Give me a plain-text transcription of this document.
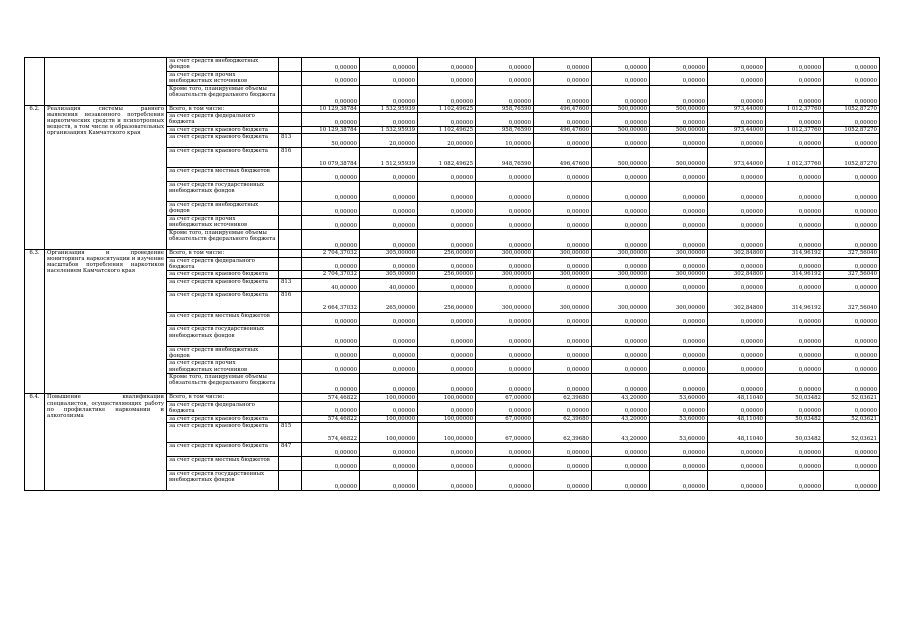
		за счет средств внебюджетных фондов		0,00000	0,00000	0,00000	0,00000	0,00000	0,00000	0,00000	0,00000	0,00000	0,00000
		за счет средств прочих внебюджетных источников		0,00000	0,00000	0,00000	0,00000	0,00000	0,00000	0,00000	0,00000	0,00000	0,00000
		Кроме того, планируемые объемы обязательств федерального бюджета		0,00000	0,00000	0,00000	0,00000	0,00000	0,00000	0,00000	0,00000	0,00000	0,00000
6.2.	Реализация системы раннего выявления незаконного потребления наркотических средств и психотропных веществ, в том числе в образовательных организациях Камчатского края	Всего, в том числе:		10 129,38784	1 532,95939	1 102,49625	958,76590	496,47600	500,00000	500,00000	973,44000	1 012,37760	1052,87270
		за счет средств федерального бюджета		0,00000	0,00000	0,00000	0,00000	0,00000	0,00000	0,00000	0,00000	0,00000	0,00000
		за счет средств краевого бюджета		10 129,38784	1 532,95939	1 102,49625	958,76590	496,47600	500,00000	500,00000	973,44000	1 012,37760	1052,87270
		за счет средств краевого бюджета	813	50,00000	20,00000	20,00000	10,00000	0,00000	0,00000	0,00000	0,00000	0,00000	0,00000
		за счет средств краевого бюджета	816	10 079,38784	1 512,95939	1 082,49625	948,76590	496,47600	500,00000	500,00000	973,44000	1 012,37760	1052,87270
		за счет средств местных бюджетов		0,00000	0,00000	0,00000	0,00000	0,00000	0,00000	0,00000	0,00000	0,00000	0,00000
		за счет средств государственных внебюджетных фондов		0,00000	0,00000	0,00000	0,00000	0,00000	0,00000	0,00000	0,00000	0,00000	0,00000
		за счет средств внебюджетных фондов		0,00000	0,00000	0,00000	0,00000	0,00000	0,00000	0,00000	0,00000	0,00000	0,00000
		за счет средств прочих внебюджетных источников		0,00000	0,00000	0,00000	0,00000	0,00000	0,00000	0,00000	0,00000	0,00000	0,00000
		Кроме того, планируемые объемы обязательств федерального бюджета		0,00000	0,00000	0,00000	0,00000	0,00000	0,00000	0,00000	0,00000	0,00000	0,00000
6.3.	Организация и проведение мониторинга наркоситуации и изучение масштабов потребления наркотиков населением Камчатского края	Всего, в том числе:		2 704,37032	305,00000	256,00000	300,00000	300,00000	300,00000	300,00000	302,84800	314,96192	327,56040
		за счет средств федерального бюджета		0,00000	0,00000	0,00000	0,00000	0,00000	0,00000	0,00000	0,00000	0,00000	0,00000
		за счет средств краевого бюджета		2 704,37032	305,00000	256,00000	300,00000	300,00000	300,00000	300,00000	302,84800	314,96192	327,56040
		за счет средств краевого бюджета	813	40,00000	40,00000	0,00000	0,00000	0,00000	0,00000	0,00000	0,00000	0,00000	0,00000
		за счет средств краевого бюджета	816	2 664,37032	265,00000	256,00000	300,00000	300,00000	300,00000	300,00000	302,84800	314,96192	327,56040
		за счет средств местных бюджетов		0,00000	0,00000	0,00000	0,00000	0,00000	0,00000	0,00000	0,00000	0,00000	0,00000
		за счет средств государственных внебюджетных фондов		0,00000	0,00000	0,00000	0,00000	0,00000	0,00000	0,00000	0,00000	0,00000	0,00000
		за счет средств внебюджетных фондов		0,00000	0,00000	0,00000	0,00000	0,00000	0,00000	0,00000	0,00000	0,00000	0,00000
		за счет средств прочих внебюджетных источников		0,00000	0,00000	0,00000	0,00000	0,00000	0,00000	0,00000	0,00000	0,00000	0,00000
		Кроме того, планируемые объемы обязательств федерального бюджета		0,00000	0,00000	0,00000	0,00000	0,00000	0,00000	0,00000	0,00000	0,00000	0,00000
6.4.	Повышение квалификации специалистов, осуществляющих работу по профилактике наркомании и алкоголизма	Всего, в том числе:		574,46822	100,00000	100,00000	67,00000	62,39680	43,20000	53,60000	48,11040	50,03482	52,03621
		за счет средств федерального бюджета		0,00000	0,00000	0,00000	0,00000	0,00000	0,00000	0,00000	0,00000	0,00000	0,00000
		за счет средств краевого бюджета		574,46822	100,00000	100,00000	67,00000	62,39680	43,20000	53,60000	48,11040	50,03482	52,03621
		за счет средств краевого бюджета	815	574,46822	100,00000	100,00000	67,00000	62,39680	43,20000	53,60000	48,11040	50,03482	52,03621
		за счет средств краевого бюджета	847	0,00000	0,00000	0,00000	0,00000	0,00000	0,00000	0,00000	0,00000	0,00000	0,00000
		за счет средств местных бюджетов		0,00000	0,00000	0,00000	0,00000	0,00000	0,00000	0,00000	0,00000	0,00000	0,00000
		за счет средств государственных внебюджетных фондов		0,00000	0,00000	0,00000	0,00000	0,00000	0,00000	0,00000	0,00000	0,00000	0,00000
